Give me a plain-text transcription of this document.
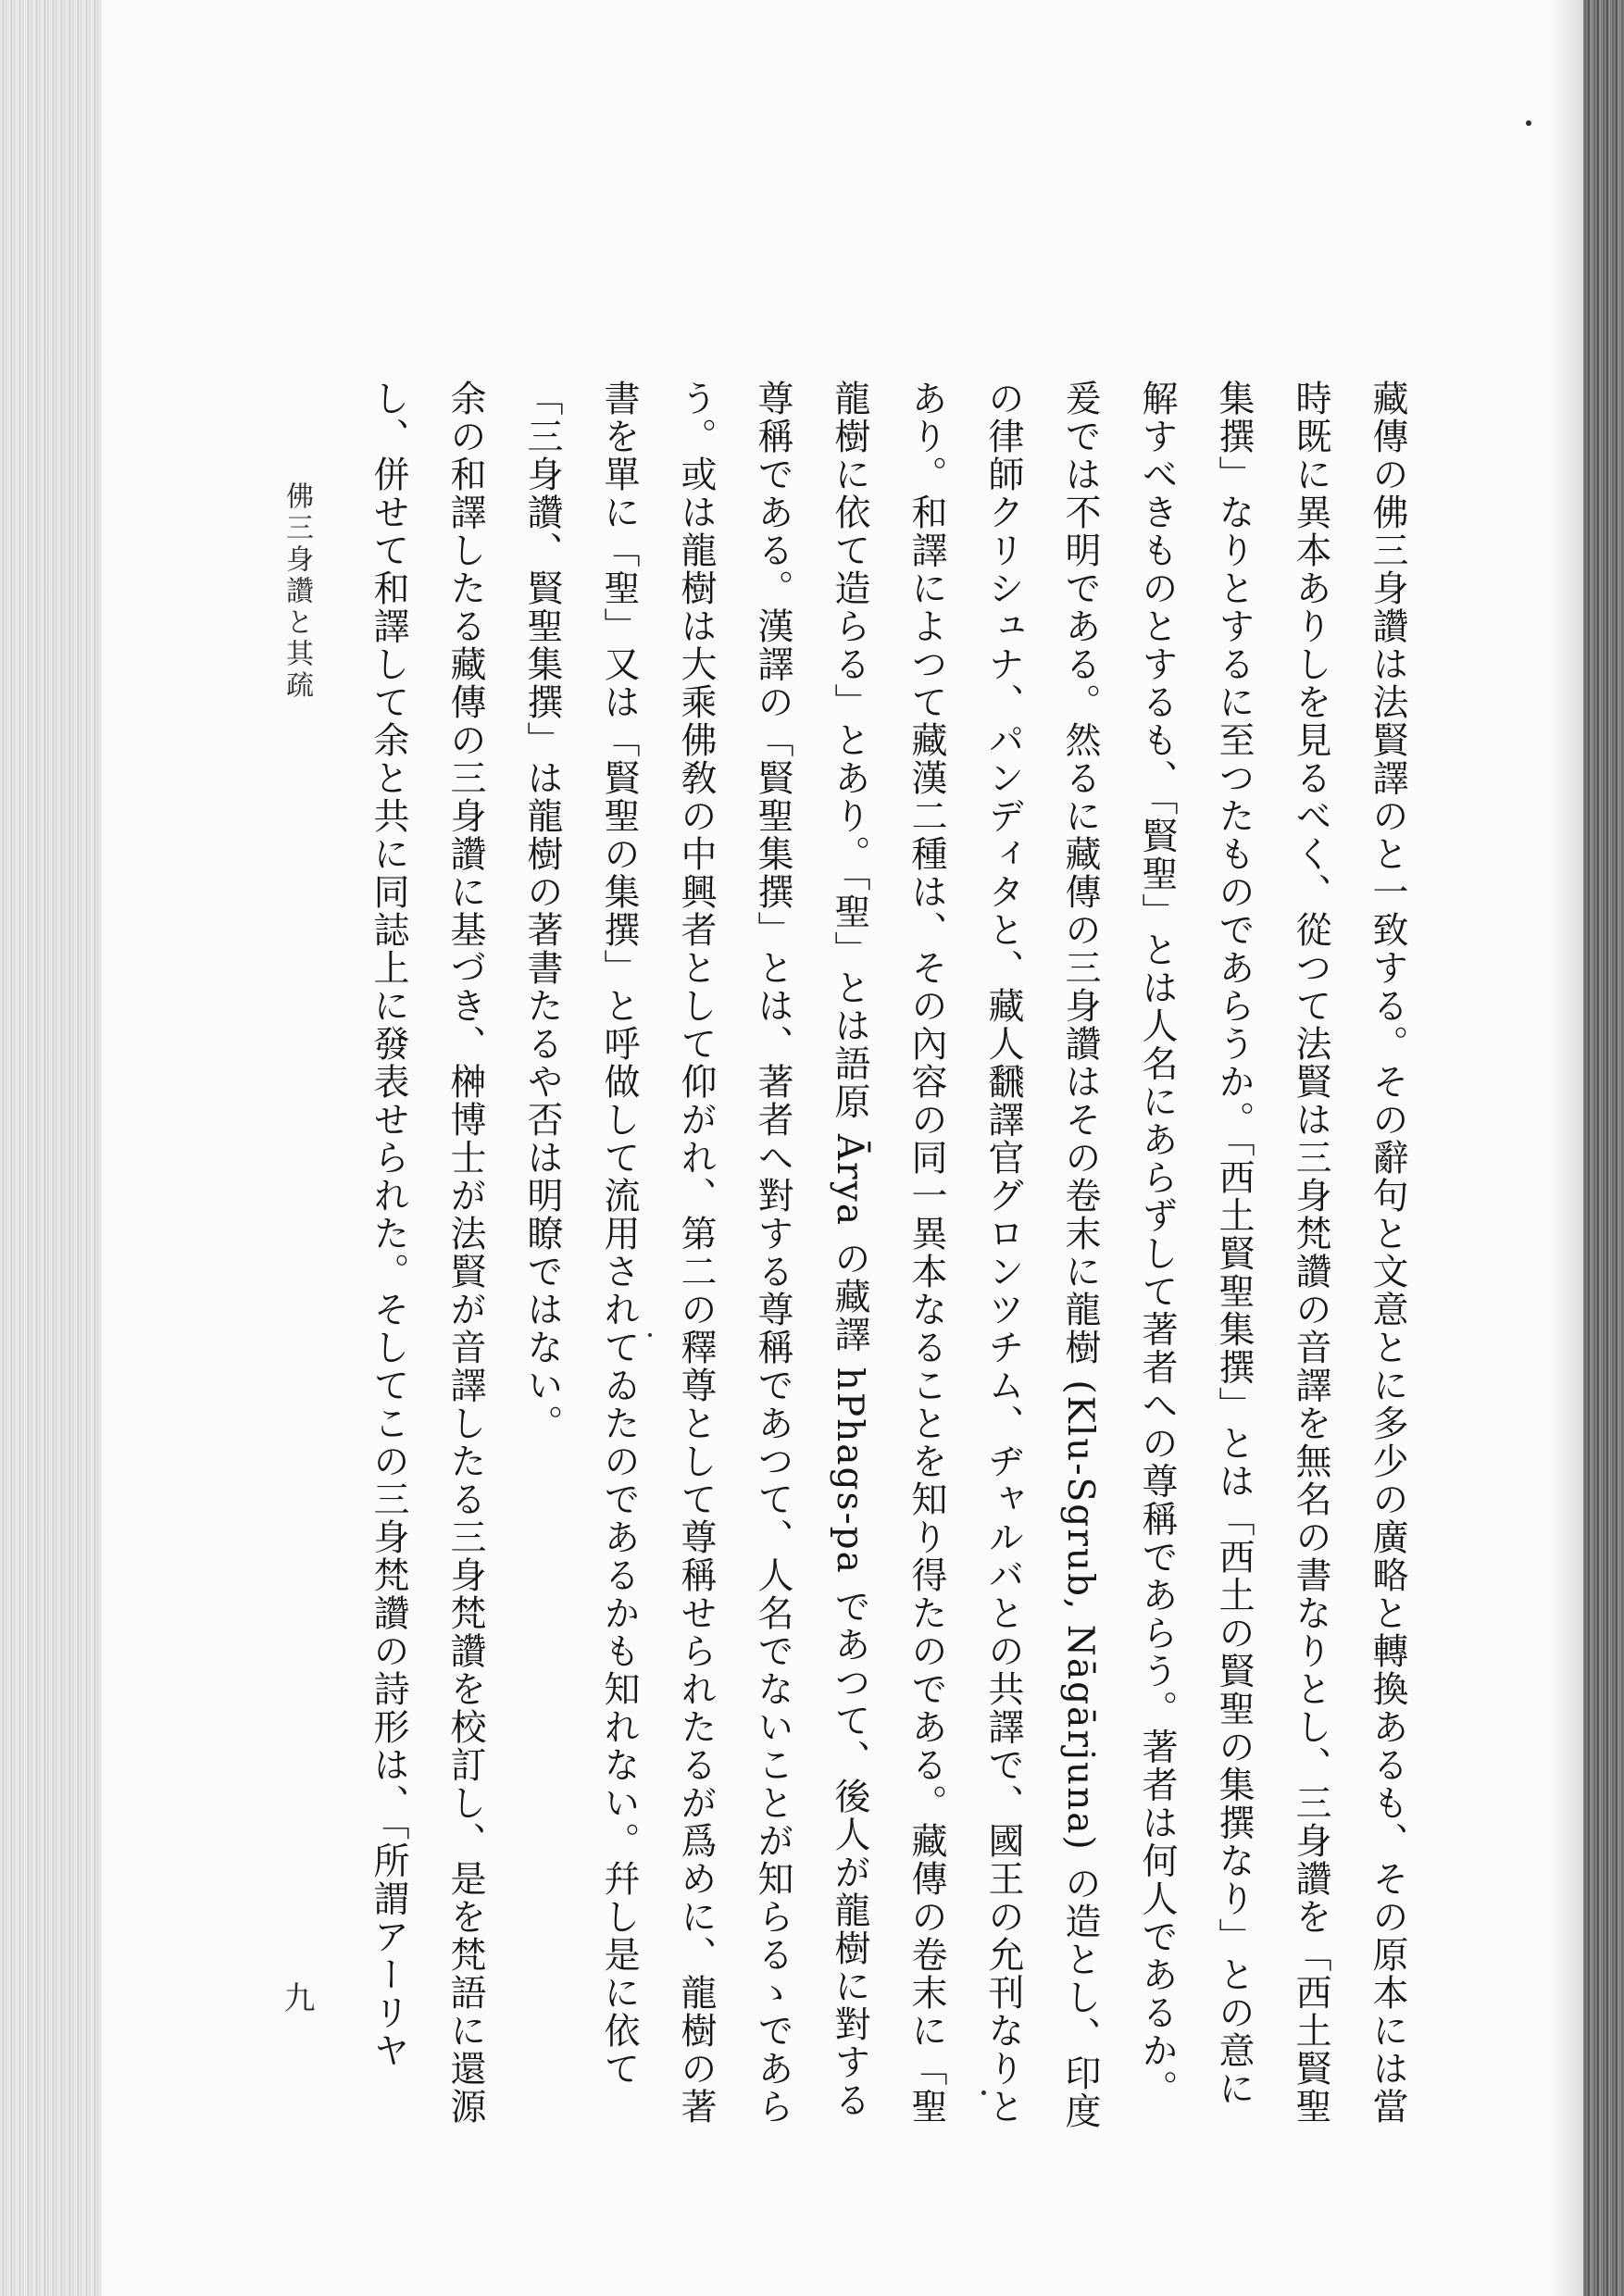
藏傳の佛三身讚は法賢譯のと一致する。その辭句と文意とに多少の廣略と轉換あるも、その原本には當時既に異本ありしを見るべく、從つて法賢は三身梵讚の音譯を無名の書なりとし、三身讚を「西土賢聖集撰」なりとするに至つたものであらうか。「西土賢聖集撰」とは「西土の賢聖の集撰なり」との意に解すべきものとするも、「賢聖」とは人名にあらずして著者への尊稱であらう。著者は何人であるか。爰では不明である。然るに藏傳の三身讚はその卷末に龍樹 (Klu-Sgrub, Nāgārjuna) の造とし、印度の律師クリシュナ、パンディタと、藏人飜譯官グロンツチム、ヂャルバとの共譯で、國王の允刊なりとあり。和譯によつて藏漢二種は、その內容の同一異本なることを知り得たのである。藏傳の卷末に「聖龍樹に依て造らる」とあり。「聖」とは語原 Ārya の藏譯 hPhags-pa であつて、後人が龍樹に對する尊稱である。漢譯の「賢聖集撰」とは、著者へ對する尊稱であつて、人名でないことが知らるゝであらう。或は龍樹は大乘佛敎の中興者として仰がれ、第二の釋尊として尊稱せられたるが爲めに、龍樹の著書を單に「聖」又は「賢聖の集撰」と呼做して流用されてゐたのであるかも知れない。幷し是に依て「三身讚、賢聖集撰」は龍樹の著書たるや否は明瞭ではない。

余の和譯したる藏傳の三身讚に基づき、榊博士が法賢が音譯したる三身梵讚を校訂し、是を梵語に還源し、併せて和譯して余と共に同誌上に發表せられた。そしてこの三身梵讚の詩形は、「所謂アーリヤ

佛三身讚と其疏
九
